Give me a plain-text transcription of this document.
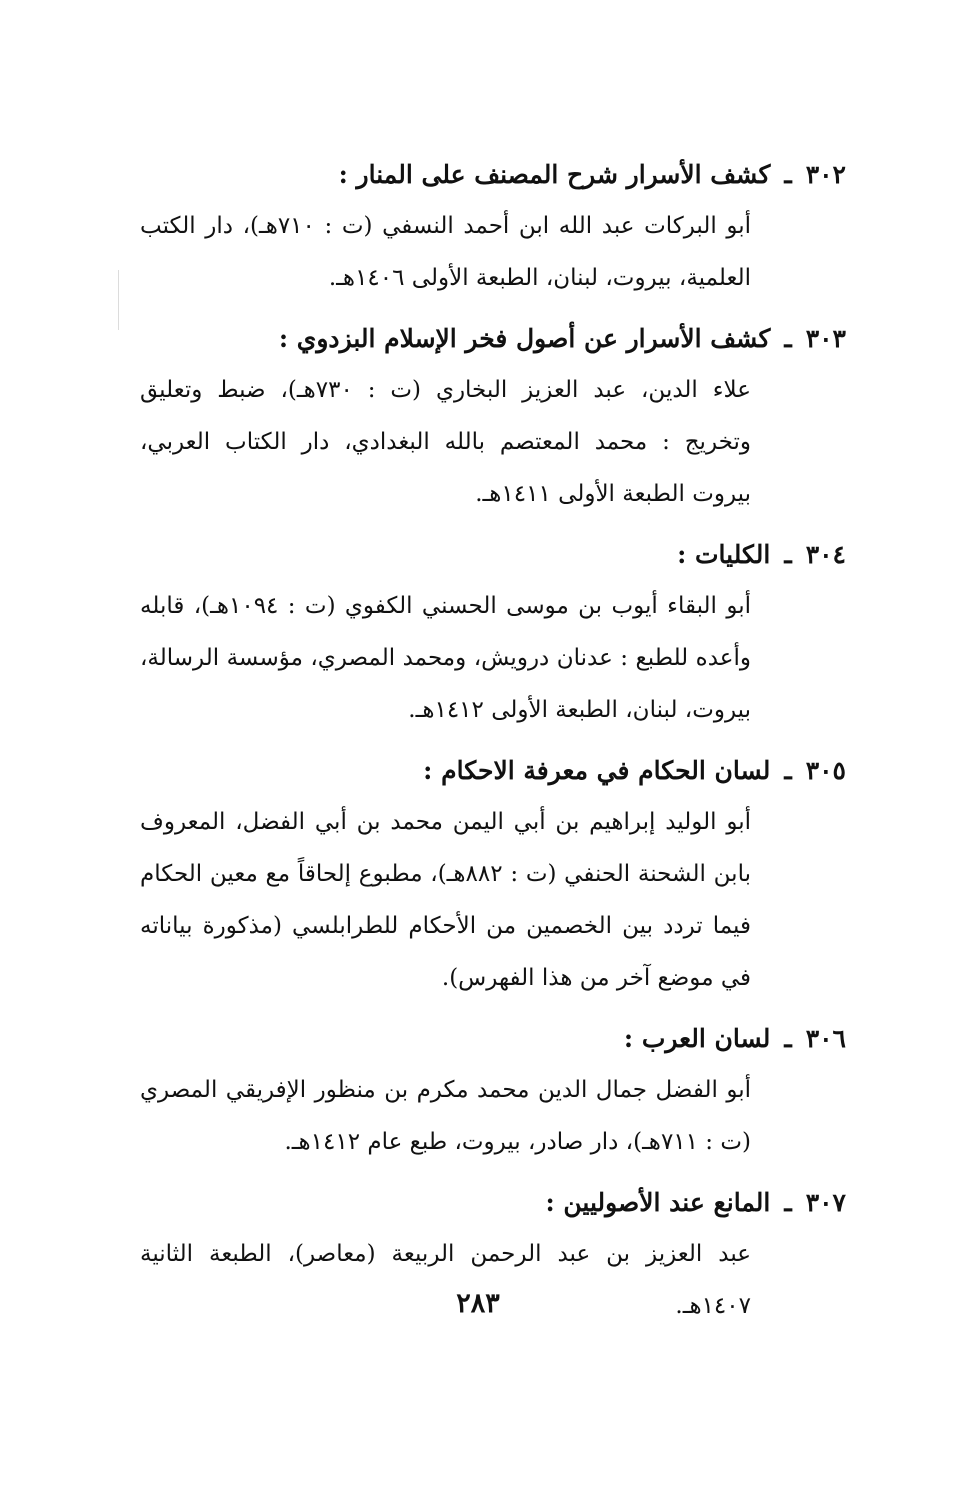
٣٠٢ـكشف الأسرار شرح المصنف على المنار :
أبو البركات عبد الله ابن أحمد النسفي (ت : ٧١٠هـ)، دار الكتب العلمية، بيروت، لبنان، الطبعة الأولى ١٤٠٦هـ.
٣٠٣ـكشف الأسرار عن أصول فخر الإسلام البزدوي :
علاء الدين، عبد العزيز البخاري (ت : ٧٣٠هـ)، ضبط وتعليق وتخريج : محمد المعتصم بالله البغدادي، دار الكتاب العربي، بيروت الطبعة الأولى ١٤١١هـ.
٣٠٤ـالكليات :
أبو البقاء أيوب بن موسى الحسني الكفوي (ت : ١٠٩٤هـ)، قابله وأعده للطبع : عدنان درويش، ومحمد المصري، مؤسسة الرسالة، بيروت، لبنان، الطبعة الأولى ١٤١٢هـ.
٣٠٥ـلسان الحكام في معرفة الاحكام :
أبو الوليد إبراهيم بن أبي اليمن محمد بن أبي الفضل، المعروف بابن الشحنة الحنفي (ت : ٨٨٢هـ)، مطبوع إلحاقاً مع معين الحكام فيما تردد بين الخصمين من الأحكام للطرابلسي (مذكورة بياناته في موضع آخر من هذا الفهرس).
٣٠٦ـلسان العرب :
أبو الفضل جمال الدين محمد مكرم بن منظور الإفريقي المصري (ت : ٧١١هـ)، دار صادر، بيروت، طبع عام ١٤١٢هـ.
٣٠٧ـالمانع عند الأصوليين :
عبد العزيز بن عبد الرحمن الربيعة (معاصر)، الطبعة الثانية ١٤٠٧هـ.
٢٨٣
